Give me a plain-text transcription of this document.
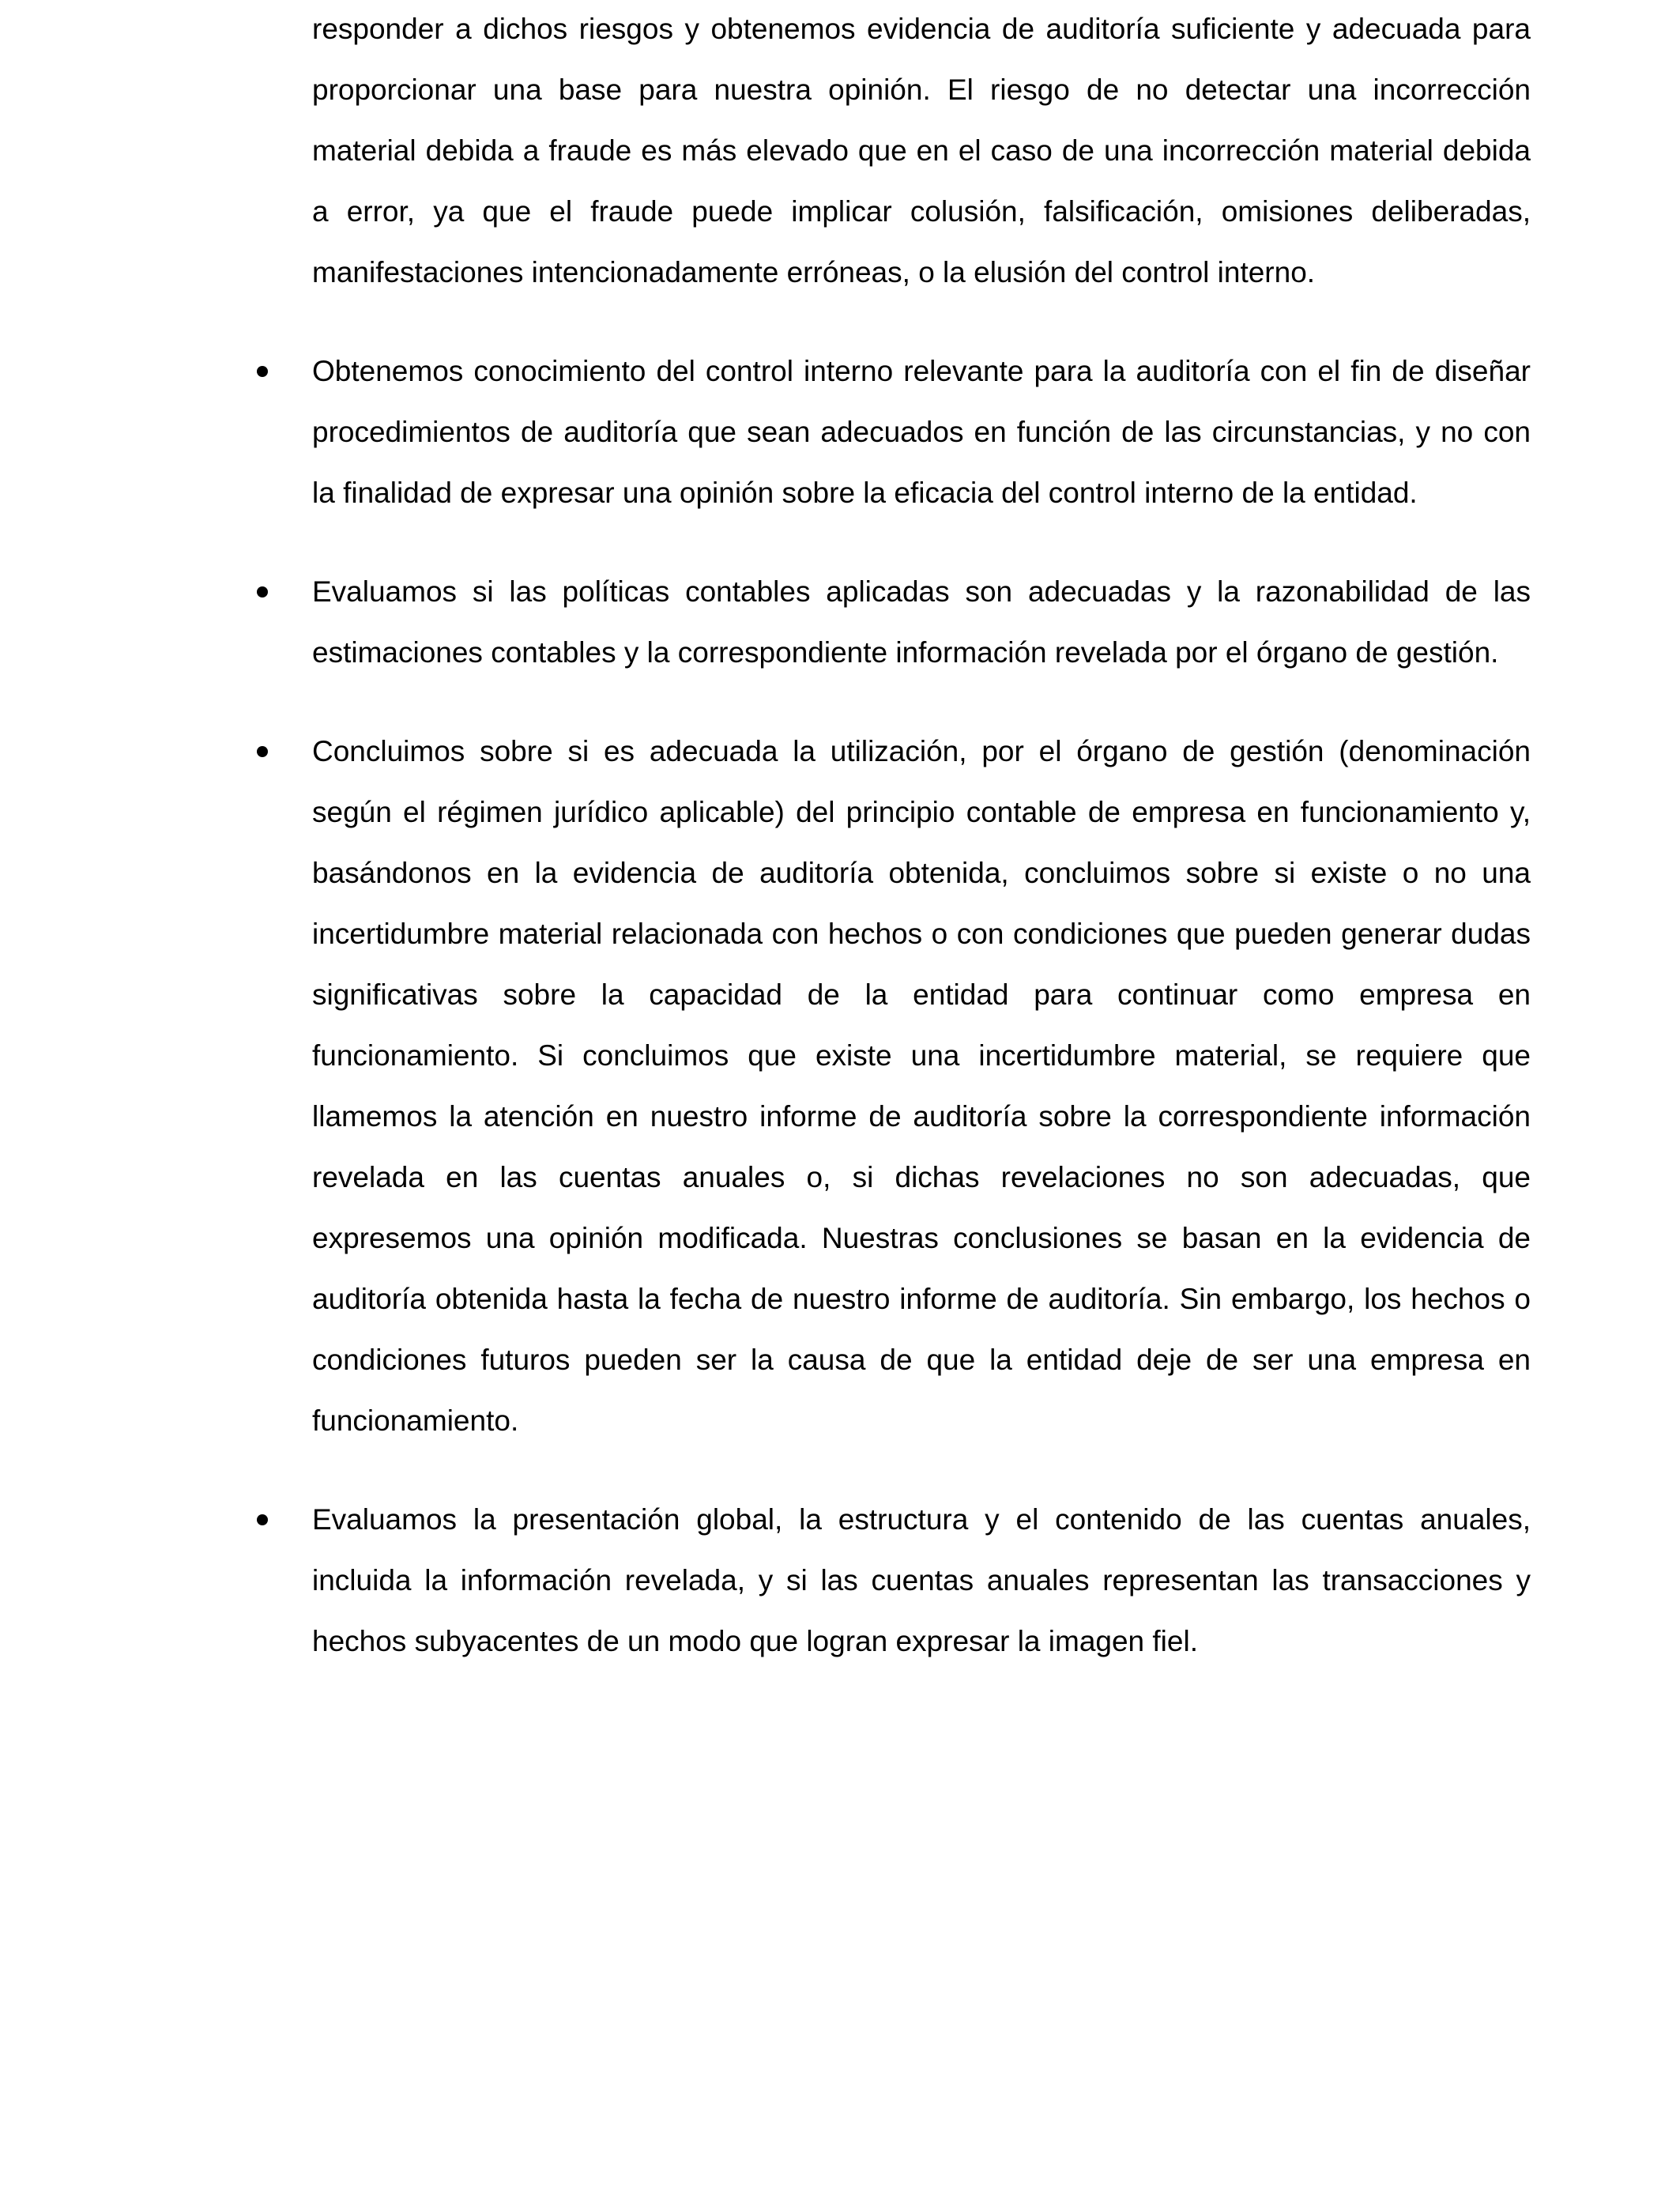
responder a dichos riesgos y obtenemos evidencia de auditoría suficiente y adecuada para proporcionar una base para nuestra opinión. El riesgo de no detectar una incorrección material debida a fraude es más elevado que en el caso de una incorrección material debida a error, ya que el fraude puede implicar colusión, falsificación, omisiones deliberadas, manifestaciones intencionadamente erróneas, o la elusión del control interno.

Obtenemos conocimiento del control interno relevante para la auditoría con el fin de diseñar procedimientos de auditoría que sean adecuados en función de las circunstancias, y no con la finalidad de expresar una opinión sobre la eficacia del control interno de la entidad.

Evaluamos si las políticas contables aplicadas son adecuadas y la razonabilidad de las estimaciones contables y la correspondiente información revelada por el órgano de gestión.

Concluimos sobre si es adecuada la utilización, por el órgano de gestión (denominación según el régimen jurídico aplicable) del principio contable de empresa en funcionamiento y, basándonos en la evidencia de auditoría obtenida, concluimos sobre si existe o no una incertidumbre material relacionada con hechos o con condiciones que pueden generar dudas significativas sobre la capacidad de la entidad para continuar como empresa en funcionamiento. Si concluimos que existe una incertidumbre material, se requiere que llamemos la atención en nuestro informe de auditoría sobre la correspondiente información revelada en las cuentas anuales o, si dichas revelaciones no son adecuadas, que expresemos una opinión modificada. Nuestras conclusiones se basan en la evidencia de auditoría obtenida hasta la fecha de nuestro informe de auditoría. Sin embargo, los hechos o condiciones futuros pueden ser la causa de que la entidad deje de ser una empresa en funcionamiento.

Evaluamos la presentación global, la estructura y el contenido de las cuentas anuales, incluida la información revelada, y si las cuentas anuales representan las transacciones y hechos subyacentes de un modo que logran expresar la imagen fiel.
